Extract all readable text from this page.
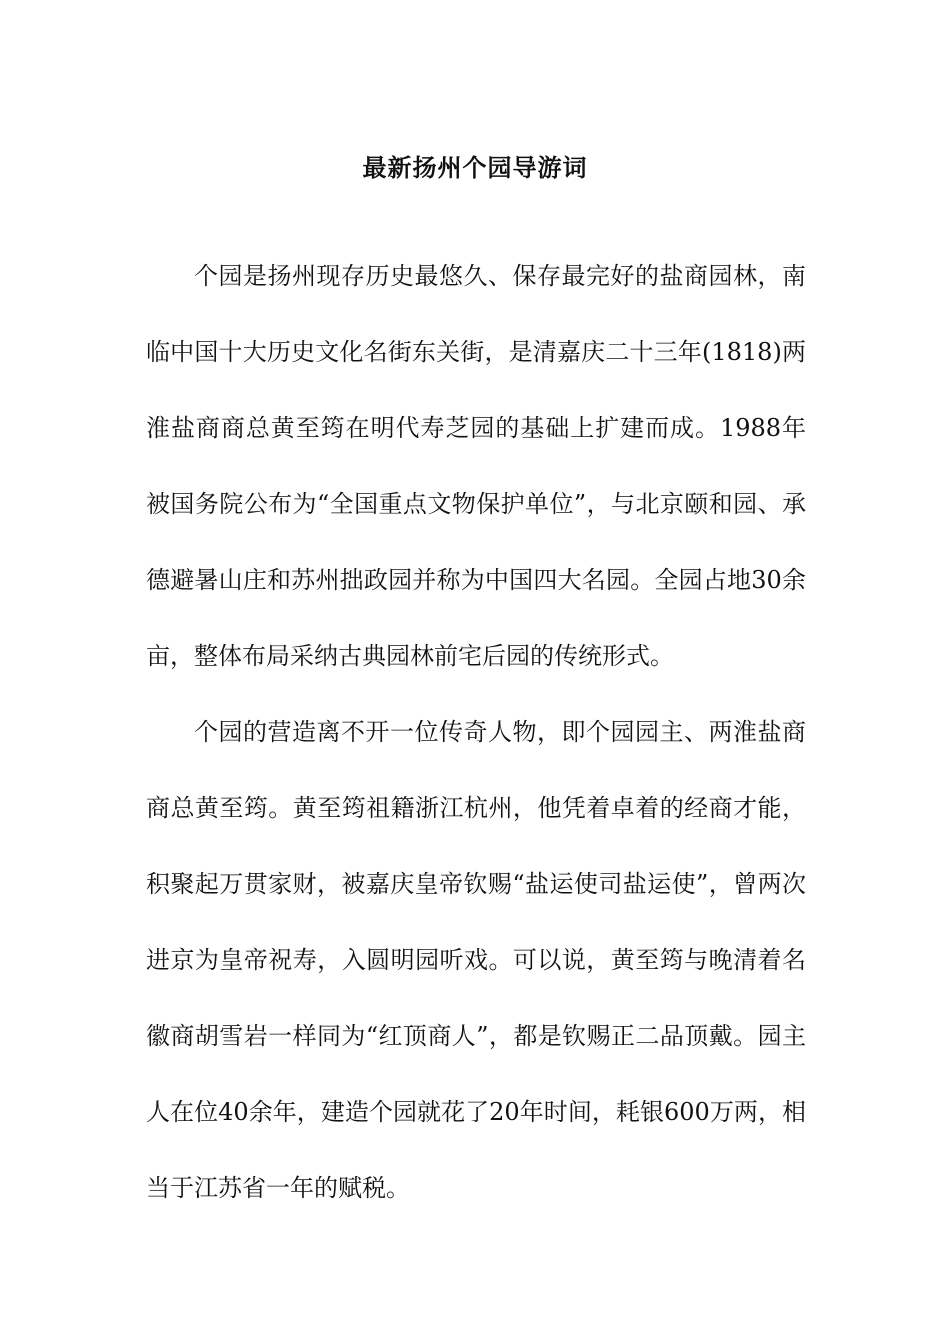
最新扬州个园导游词

个园是扬州现存历史最悠久、保存最完好的盐商园林，南临中国十大历史文化名街东关街，是清嘉庆二十三年(1818)两淮盐商商总黄至筠在明代寿芝园的基础上扩建而成。1988年被国务院公布为“全国重点文物保护单位”，与北京颐和园、承德避暑山庄和苏州拙政园并称为中国四大名园。全园占地30余亩，整体布局采纳古典园林前宅后园的传统形式。

个园的营造离不开一位传奇人物，即个园园主、两淮盐商商总黄至筠。黄至筠祖籍浙江杭州，他凭着卓着的经商才能，积聚起万贯家财，被嘉庆皇帝钦赐“盐运使司盐运使”，曾两次进京为皇帝祝寿，入圆明园听戏。可以说，黄至筠与晚清着名徽商胡雪岩一样同为“红顶商人”，都是钦赐正二品顶戴。园主人在位40余年，建造个园就花了20年时间，耗银600万两，相当于江苏省一年的赋税。
